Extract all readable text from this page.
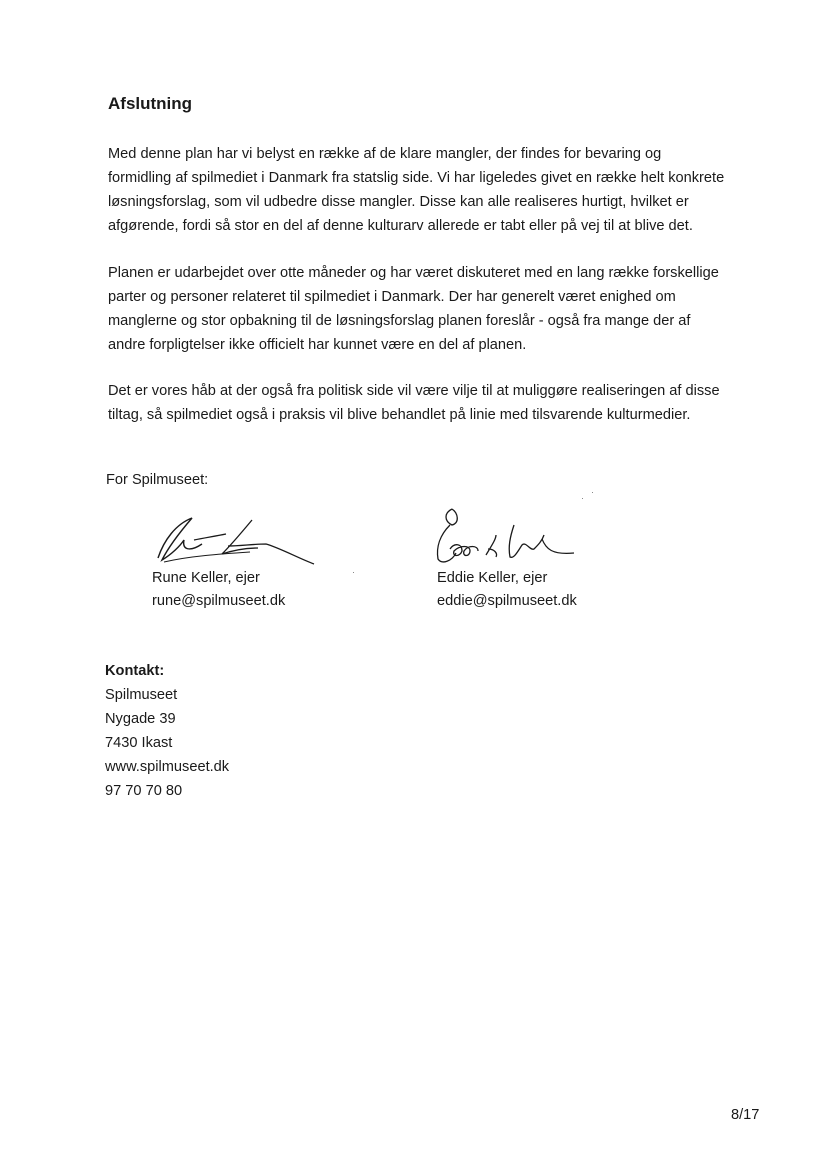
Afslutning

Med denne plan har vi belyst en række af de klare mangler, der findes for bevaring og
formidling af spilmediet i Danmark fra statslig side. Vi har ligeledes givet en række helt konkrete
løsningsforslag, som vil udbedre disse mangler. Disse kan alle realiseres hurtigt, hvilket er
afgørende, fordi så stor en del af denne kulturarv allerede er tabt eller på vej til at blive det.

Planen er udarbejdet over otte måneder og har været diskuteret med en lang række forskellige
parter og personer relateret til spilmediet i Danmark. Der har generelt været enighed om
manglerne og stor opbakning til de løsningsforslag planen foreslår - også fra mange der af
andre forpligtelser ikke officielt har kunnet være en del af planen.

Det er vores håb at der også fra politisk side vil være vilje til at muliggøre realiseringen af disse
tiltag, så spilmediet også i praksis vil blive behandlet på linie med tilsvarende kulturmedier.

For Spilmuseet:
Rune Keller, ejer
rune@spilmuseet.dk
Eddie Keller, ejer
eddie@spilmuseet.dk
Kontakt:
Spilmuseet
Nygade 39
7430 Ikast
www.spilmuseet.dk
97 70 70 80
8/17
